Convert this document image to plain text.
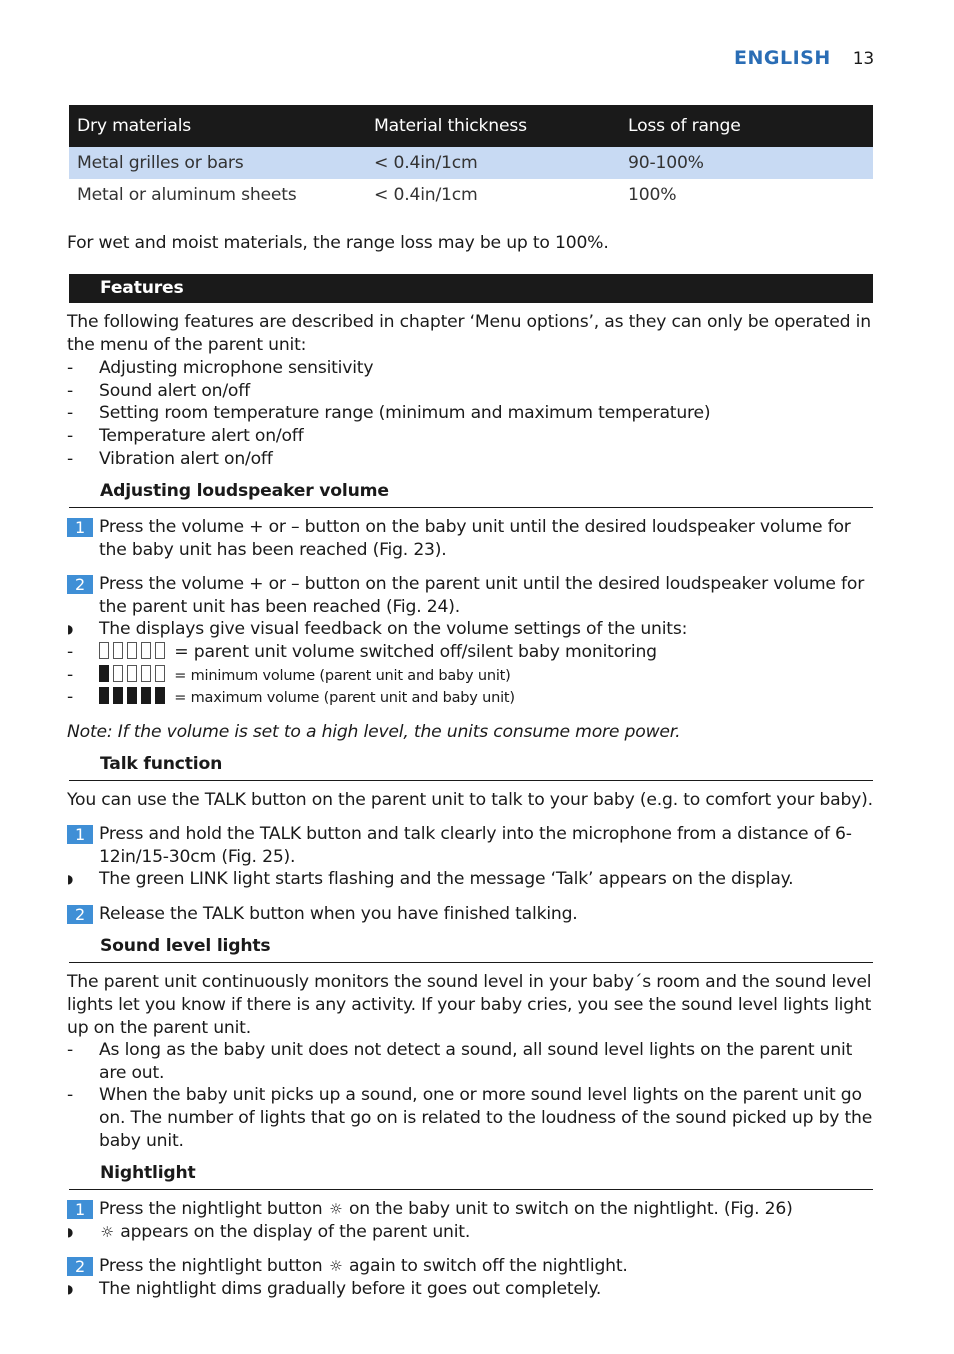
ENGLISH 13
Dry materials	Material thickness	Loss of range
Metal grilles or bars	< 0.4in/1cm	90-100%
Metal or aluminum sheets	< 0.4in/1cm	100%
For wet and moist materials, the range loss may be up to 100%.
Features
The following features are described in chapter ‘Menu options’, as they can only be operated in the menu of the parent unit:
- Adjusting microphone sensitivity
- Sound alert on/off
- Setting room temperature range (minimum and maximum temperature)
- Temperature alert on/off
- Vibration alert on/off
Adjusting loudspeaker volume
1 Press the volume + or – button on the baby unit until the desired loudspeaker volume for the baby unit has been reached (Fig. 23).
2 Press the volume + or – button on the parent unit until the desired loudspeaker volume for the parent unit has been reached (Fig. 24).
◗ The displays give visual feedback on the volume settings of the units:
-	= parent unit volume switched off/silent baby monitoring
-	= minimum volume (parent unit and baby unit)
-	= maximum volume (parent unit and baby unit)
Note: If the volume is set to a high level, the units consume more power.
Talk function
You can use the TALK button on the parent unit to talk to your baby (e.g. to comfort your baby).
1 Press and hold the TALK button and talk clearly into the microphone from a distance of 6-12in/15-30cm (Fig. 25).
◗ The green LINK light starts flashing and the message ‘Talk’ appears on the display.
2 Release the TALK button when you have finished talking.
Sound level lights
The parent unit continuously monitors the sound level in your baby´s room and the sound level lights let you know if there is any activity. If your baby cries, you see the sound level lights light up on the parent unit.
- As long as the baby unit does not detect a sound, all sound level lights on the parent unit are out.
- When the baby unit picks up a sound, one or more sound level lights on the parent unit go on. The number of lights that go on is related to the loudness of the sound picked up by the baby unit.
Nightlight
1 Press the nightlight button ☼ on the baby unit to switch on the nightlight. (Fig. 26)
◗ ☼ appears on the display of the parent unit.
2 Press the nightlight button ☼ again to switch off the nightlight.
◗ The nightlight dims gradually before it goes out completely.
